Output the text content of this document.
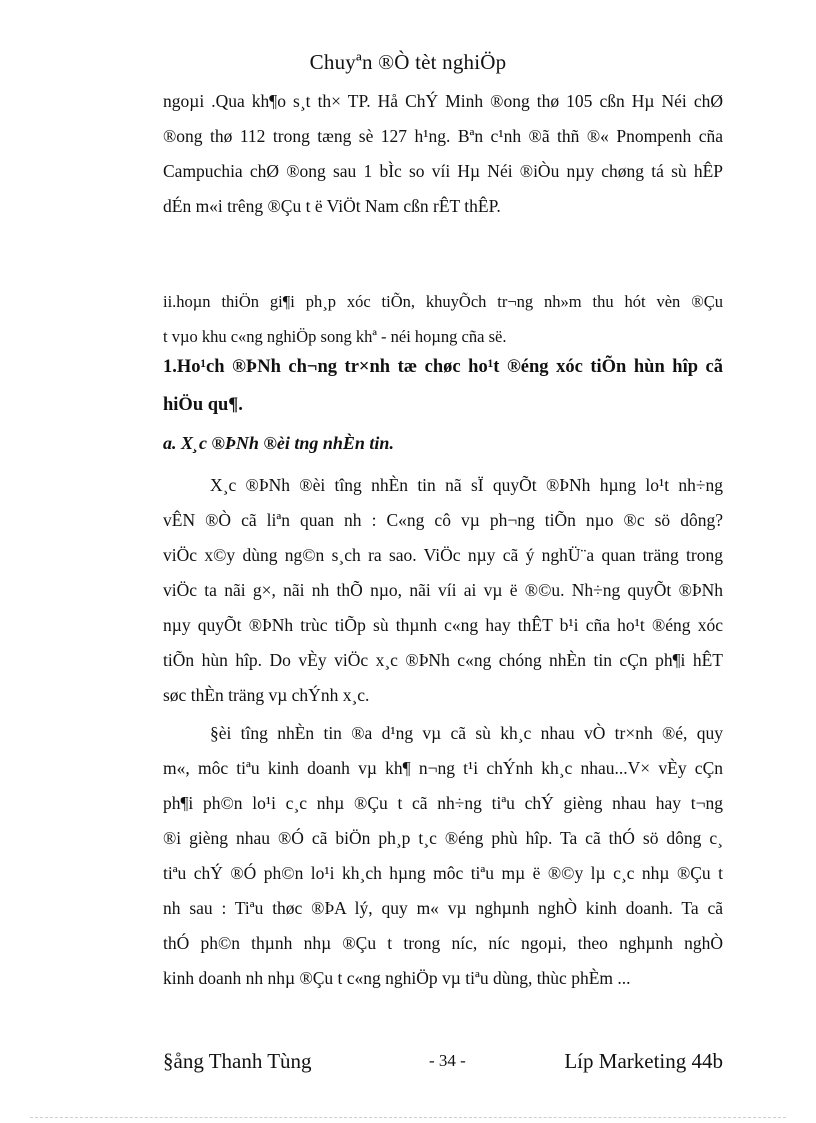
Chuyªn ®Ò tèt nghiÖp
ngoµi .Qua kh¶o s¸t th× TP. Hå ChÝ Minh ®ong thø 105 cßn Hµ Néi chØ
®ong thø 112 trong tæng sè 127 h¹ng. Bªn c¹nh ®ã thñ ®« Pnompenh cña
Campuchia chØ ®ong sau 1 bÌc so víi Hµ Néi ®iÒu nµy chøng tá sù hÊP
dÉn m«i trêng ®Çu t ë ViÖt Nam cßn rÊT thÊP.
ii.hoµn thiÖn gi¶i ph¸p xóc tiÕn, khuyÕch tr¬ng nh»m thu hót vèn ®Çu
t vµo khu c«ng nghiÖp song khª - néi hoµng cña së.
1.Ho¹ch ®ÞNh ch¬ng tr×nh tæ chøc ho¹t ®éng xóc tiÕn hùn hîp cã
hiÖu qu¶.
a. X¸c ®ÞNh ®èi tng nhÈn tin.
X¸c ®ÞNh ®èi tîng nhÈn tin nã sÏ quyÕt ®ÞNh hµng lo¹t nh÷ng
vÊN ®Ò cã liªn quan nh : C«ng cô vµ ph¬ng tiÕn nµo ®c sö dông?
viÖc x©y dùng ng©n s¸ch ra sao. ViÖc nµy cã ý nghÜ¨a quan träng trong
viÖc ta nãi g×, nãi nh thÕ nµo, nãi víi ai vµ ë ®©u. Nh÷ng quyÕt ®ÞNh
nµy quyÕt ®ÞNh trùc tiÕp sù thµnh c«ng hay thÊT b¹i cña ho¹t ®éng xóc
tiÕn hùn hîp. Do vÈy viÖc x¸c ®ÞNh c«ng chóng nhÈn tin cÇn ph¶i hÊT
søc thÈn träng vµ chÝnh x¸c.
§èi tîng nhÈn tin ®a d¹ng vµ cã sù kh¸c nhau vÒ tr×nh ®é, quy
m«, môc tiªu kinh doanh vµ kh¶ n¬ng t¹i chÝnh kh¸c nhau...V× vÈy cÇn
ph¶i ph©n lo¹i c¸c nhµ ®Çu t cã nh÷ng tiªu chÝ gièng nhau hay t¬ng
®i gièng nhau ®Ó cã biÖn ph¸p t¸c ®éng phù hîp. Ta cã thÓ sö dông c¸
tiªu chÝ ®Ó ph©n lo¹i kh¸ch hµng môc tiªu mµ ë ®©y lµ c¸c nhµ ®Çu t
nh sau : Tiªu thøc ®ÞA lý, quy m« vµ nghµnh nghÒ kinh doanh. Ta cã
thÓ ph©n thµnh nhµ ®Çu t trong níc, níc ngoµi, theo nghµnh nghÒ
kinh doanh nh nhµ ®Çu t c«ng nghiÖp vµ tiªu dùng, thùc phÈm ...
§ång Thanh Tùng	- 34 -	Líp Marketing 44b
